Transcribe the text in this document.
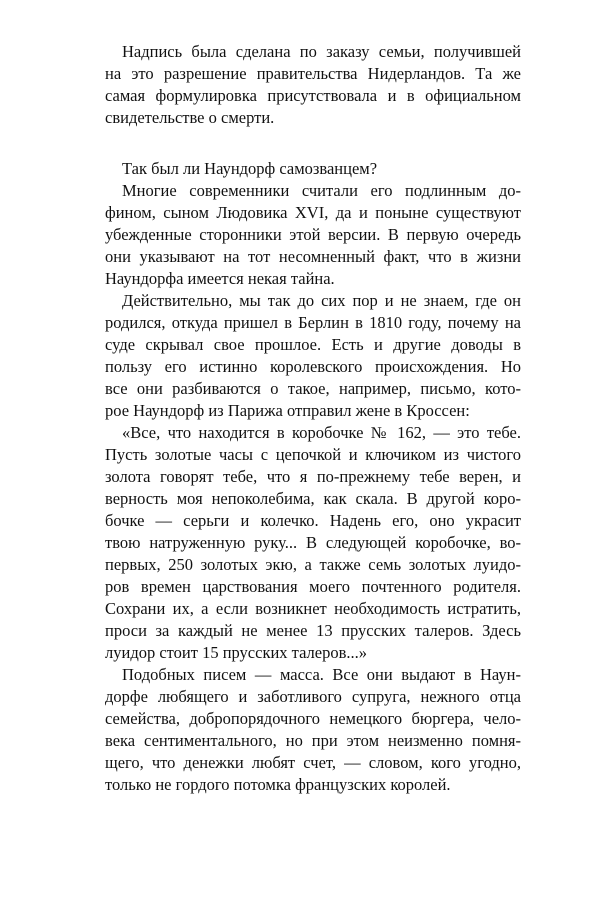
Надпись была сделана по заказу семьи, получившей
на это разрешение правительства Нидерландов. Та же
самая формулировка присутствовала и в официальном
свидетельстве о смерти.
Так был ли Наундорф самозванцем?
Многие современники считали его подлинным до-
фином, сыном Людовика XVI, да и поныне существуют
убежденные сторонники этой версии. В первую очередь
они указывают на тот несомненный факт, что в жизни
Наундорфа имеется некая тайна.
Действительно, мы так до сих пор и не знаем, где он
родился, откуда пришел в Берлин в 1810 году, почему на
суде скрывал свое прошлое. Есть и другие доводы в
пользу его истинно королевского происхождения. Но
все они разбиваются о такое, например, письмо, кото-
рое Наундорф из Парижа отправил жене в Кроссен:
«Все, что находится в коробочке № 162, — это тебе.
Пусть золотые часы с цепочкой и ключиком из чистого
золота говорят тебе, что я по-прежнему тебе верен, и
верность моя непоколебима, как скала. В другой коро-
бочке — серьги и колечко. Надень его, оно украсит
твою натруженную руку... В следующей коробочке, во-
первых, 250 золотых экю, а также семь золотых луидо-
ров времен царствования моего почтенного родителя.
Сохрани их, а если возникнет необходимость истратить,
проси за каждый не менее 13 прусских талеров. Здесь
луидор стоит 15 прусских талеров...»
Подобных писем — масса. Все они выдают в Наун-
дорфе любящего и заботливого супруга, нежного отца
семейства, добропорядочного немецкого бюргера, чело-
века сентиментального, но при этом неизменно помня-
щего, что денежки любят счет, — словом, кого угодно,
только не гордого потомка французских королей.
